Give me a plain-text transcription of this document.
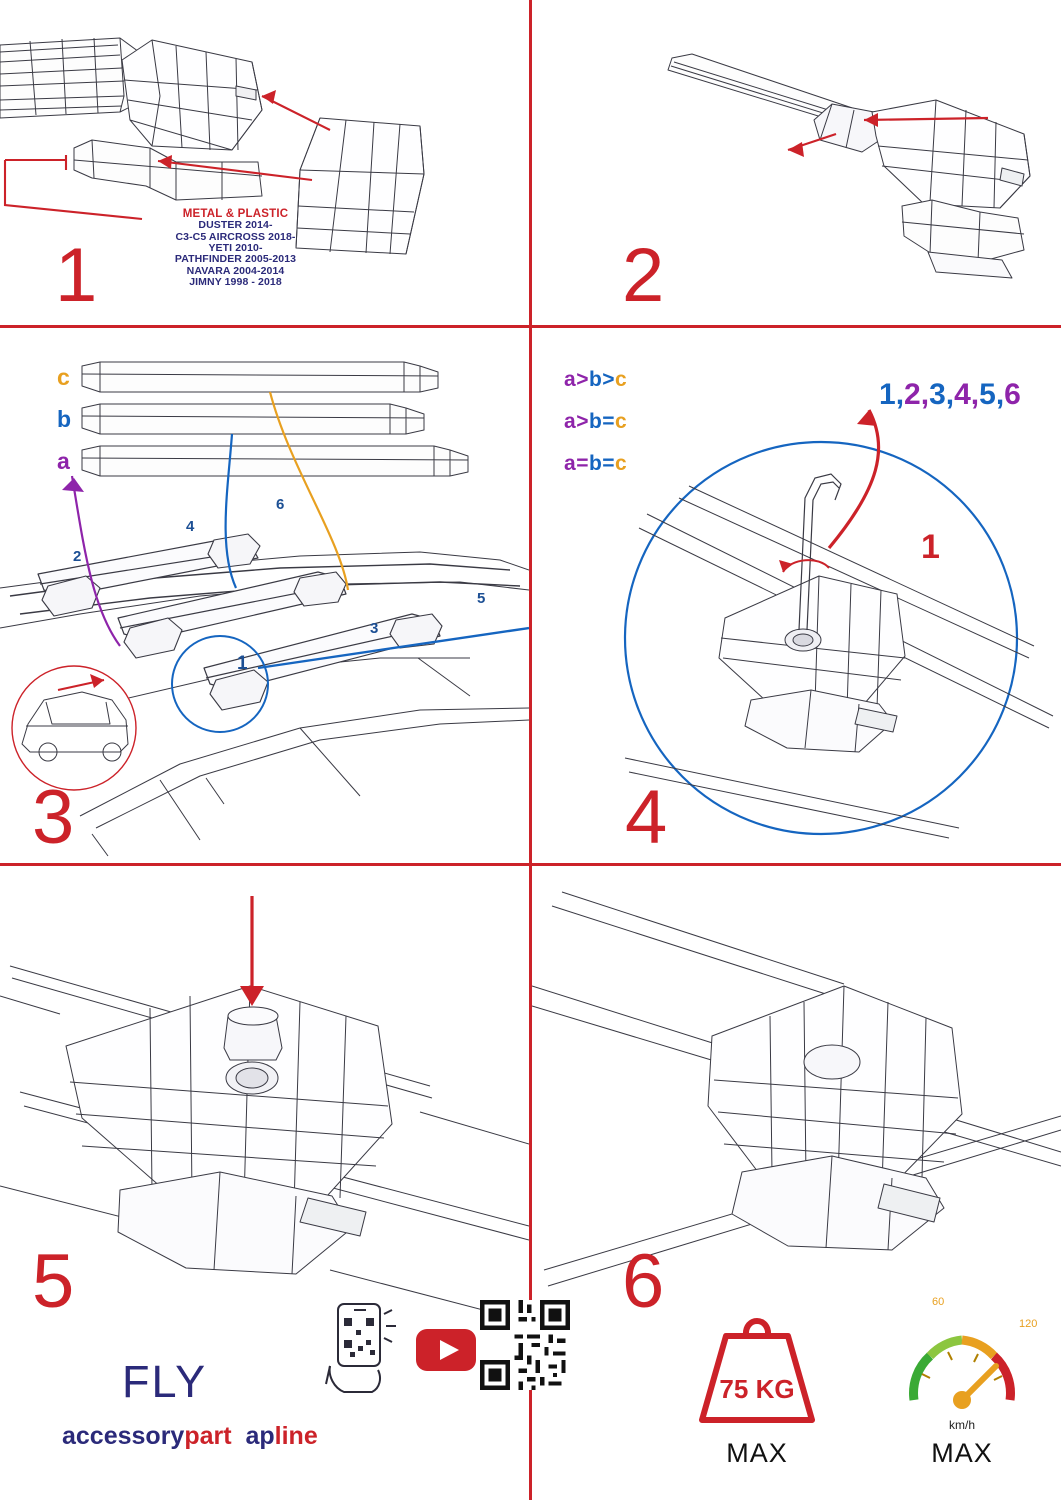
METAL & PLASTIC
DUSTER 2014-
C3-C5 AIRCROSS 2018-
YETI 2010-
PATHFINDER 2005-2013
NAVARA 2004-2014
JIMNY 1998 - 2018
1	2
c
b
a
2
4
6
3
5
1
3
a>b>c
a>b=c
a=b=c
1,2,3,4,5,6
1
4
5
FLY
accessorypart apline
6
75 KG
MAX
60
120
km/h
MAX
